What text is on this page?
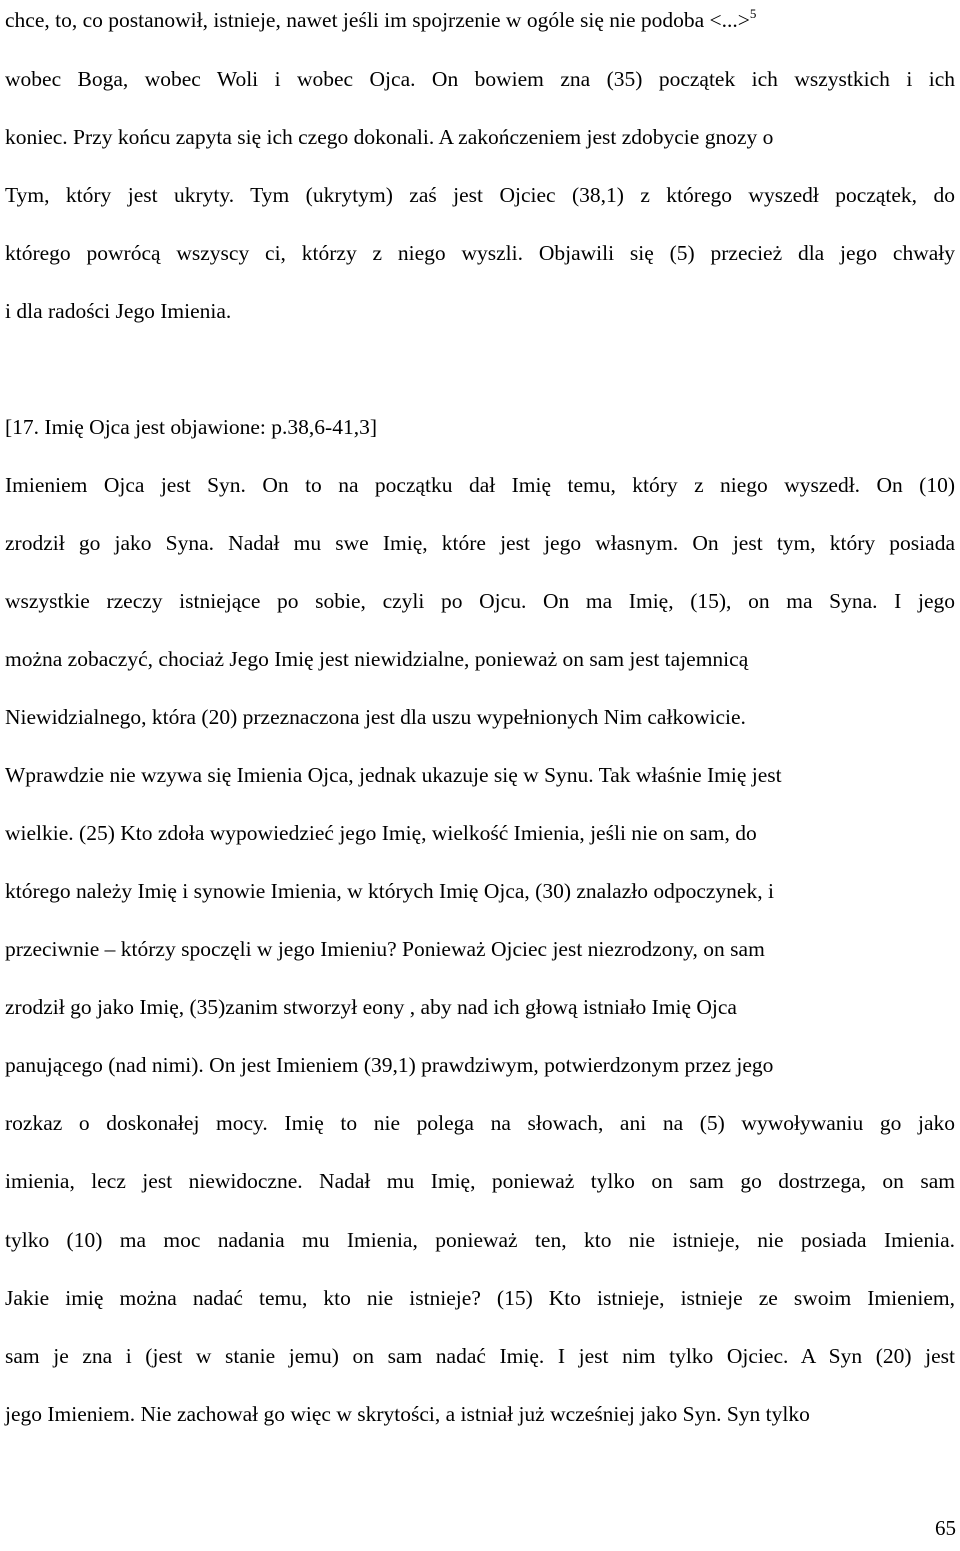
chce, to, co postanowił, istnieje, nawet jeśli im spojrzenie w ogóle się nie podoba <...>$^5$
wobec Boga, wobec Woli i wobec Ojca. On bowiem zna (35) początek ich wszystkich i ich
koniec. Przy końcu zapyta się ich czego dokonali. A zakończeniem jest zdobycie gnozy o
Tym, który jest ukryty. Tym (ukrytym) zaś jest Ojciec (38,1) z którego wyszedł początek, do
którego powrócą wszyscy ci, którzy z niego wyszli. Objawili się (5) przecież dla jego chwały
i dla radości Jego Imienia.
[17. Imię Ojca jest objawione: p.38,6-41,3]
Imieniem Ojca jest Syn. On to na początku dał Imię temu, który z niego wyszedł. On (10)
zrodził go jako Syna. Nadał mu swe Imię, które jest jego własnym. On jest tym, który posiada
wszystkie rzeczy istniejące po sobie, czyli po Ojcu. On ma Imię, (15), on ma Syna. I jego
można zobaczyć, chociaż Jego Imię jest niewidzialne, ponieważ on sam jest tajemnicą
Niewidzialnego, która (20) przeznaczona jest dla uszu wypełnionych Nim całkowicie.
Wprawdzie nie wzywa się Imienia Ojca, jednak ukazuje się w Synu. Tak właśnie Imię jest
wielkie. (25) Kto zdoła wypowiedzieć jego Imię, wielkość Imienia, jeśli nie on sam, do
którego należy Imię i synowie Imienia, w których Imię Ojca, (30) znalazło odpoczynek, i
przeciwnie – którzy spoczęli w jego Imieniu? Ponieważ Ojciec jest niezrodzony, on sam
zrodził go jako Imię, (35)zanim stworzył eony , aby nad ich głową istniało Imię Ojca
panującego (nad nimi). On jest Imieniem (39,1) prawdziwym, potwierdzonym przez jego
rozkaz o doskonałej mocy. Imię to nie polega na słowach, ani na (5) wywoływaniu go jako
imienia, lecz jest niewidoczne. Nadał mu Imię, ponieważ tylko on sam go dostrzega, on sam
tylko (10) ma moc nadania mu Imienia, ponieważ ten, kto nie istnieje, nie posiada Imienia.
Jakie imię można nadać temu, kto nie istnieje? (15) Kto istnieje, istnieje ze swoim Imieniem,
sam je zna i (jest w stanie jemu) on sam nadać Imię. I jest nim tylko Ojciec. A Syn (20) jest
jego Imieniem. Nie zachował go więc w skrytości, a istniał już wcześniej jako Syn. Syn tylko
65
